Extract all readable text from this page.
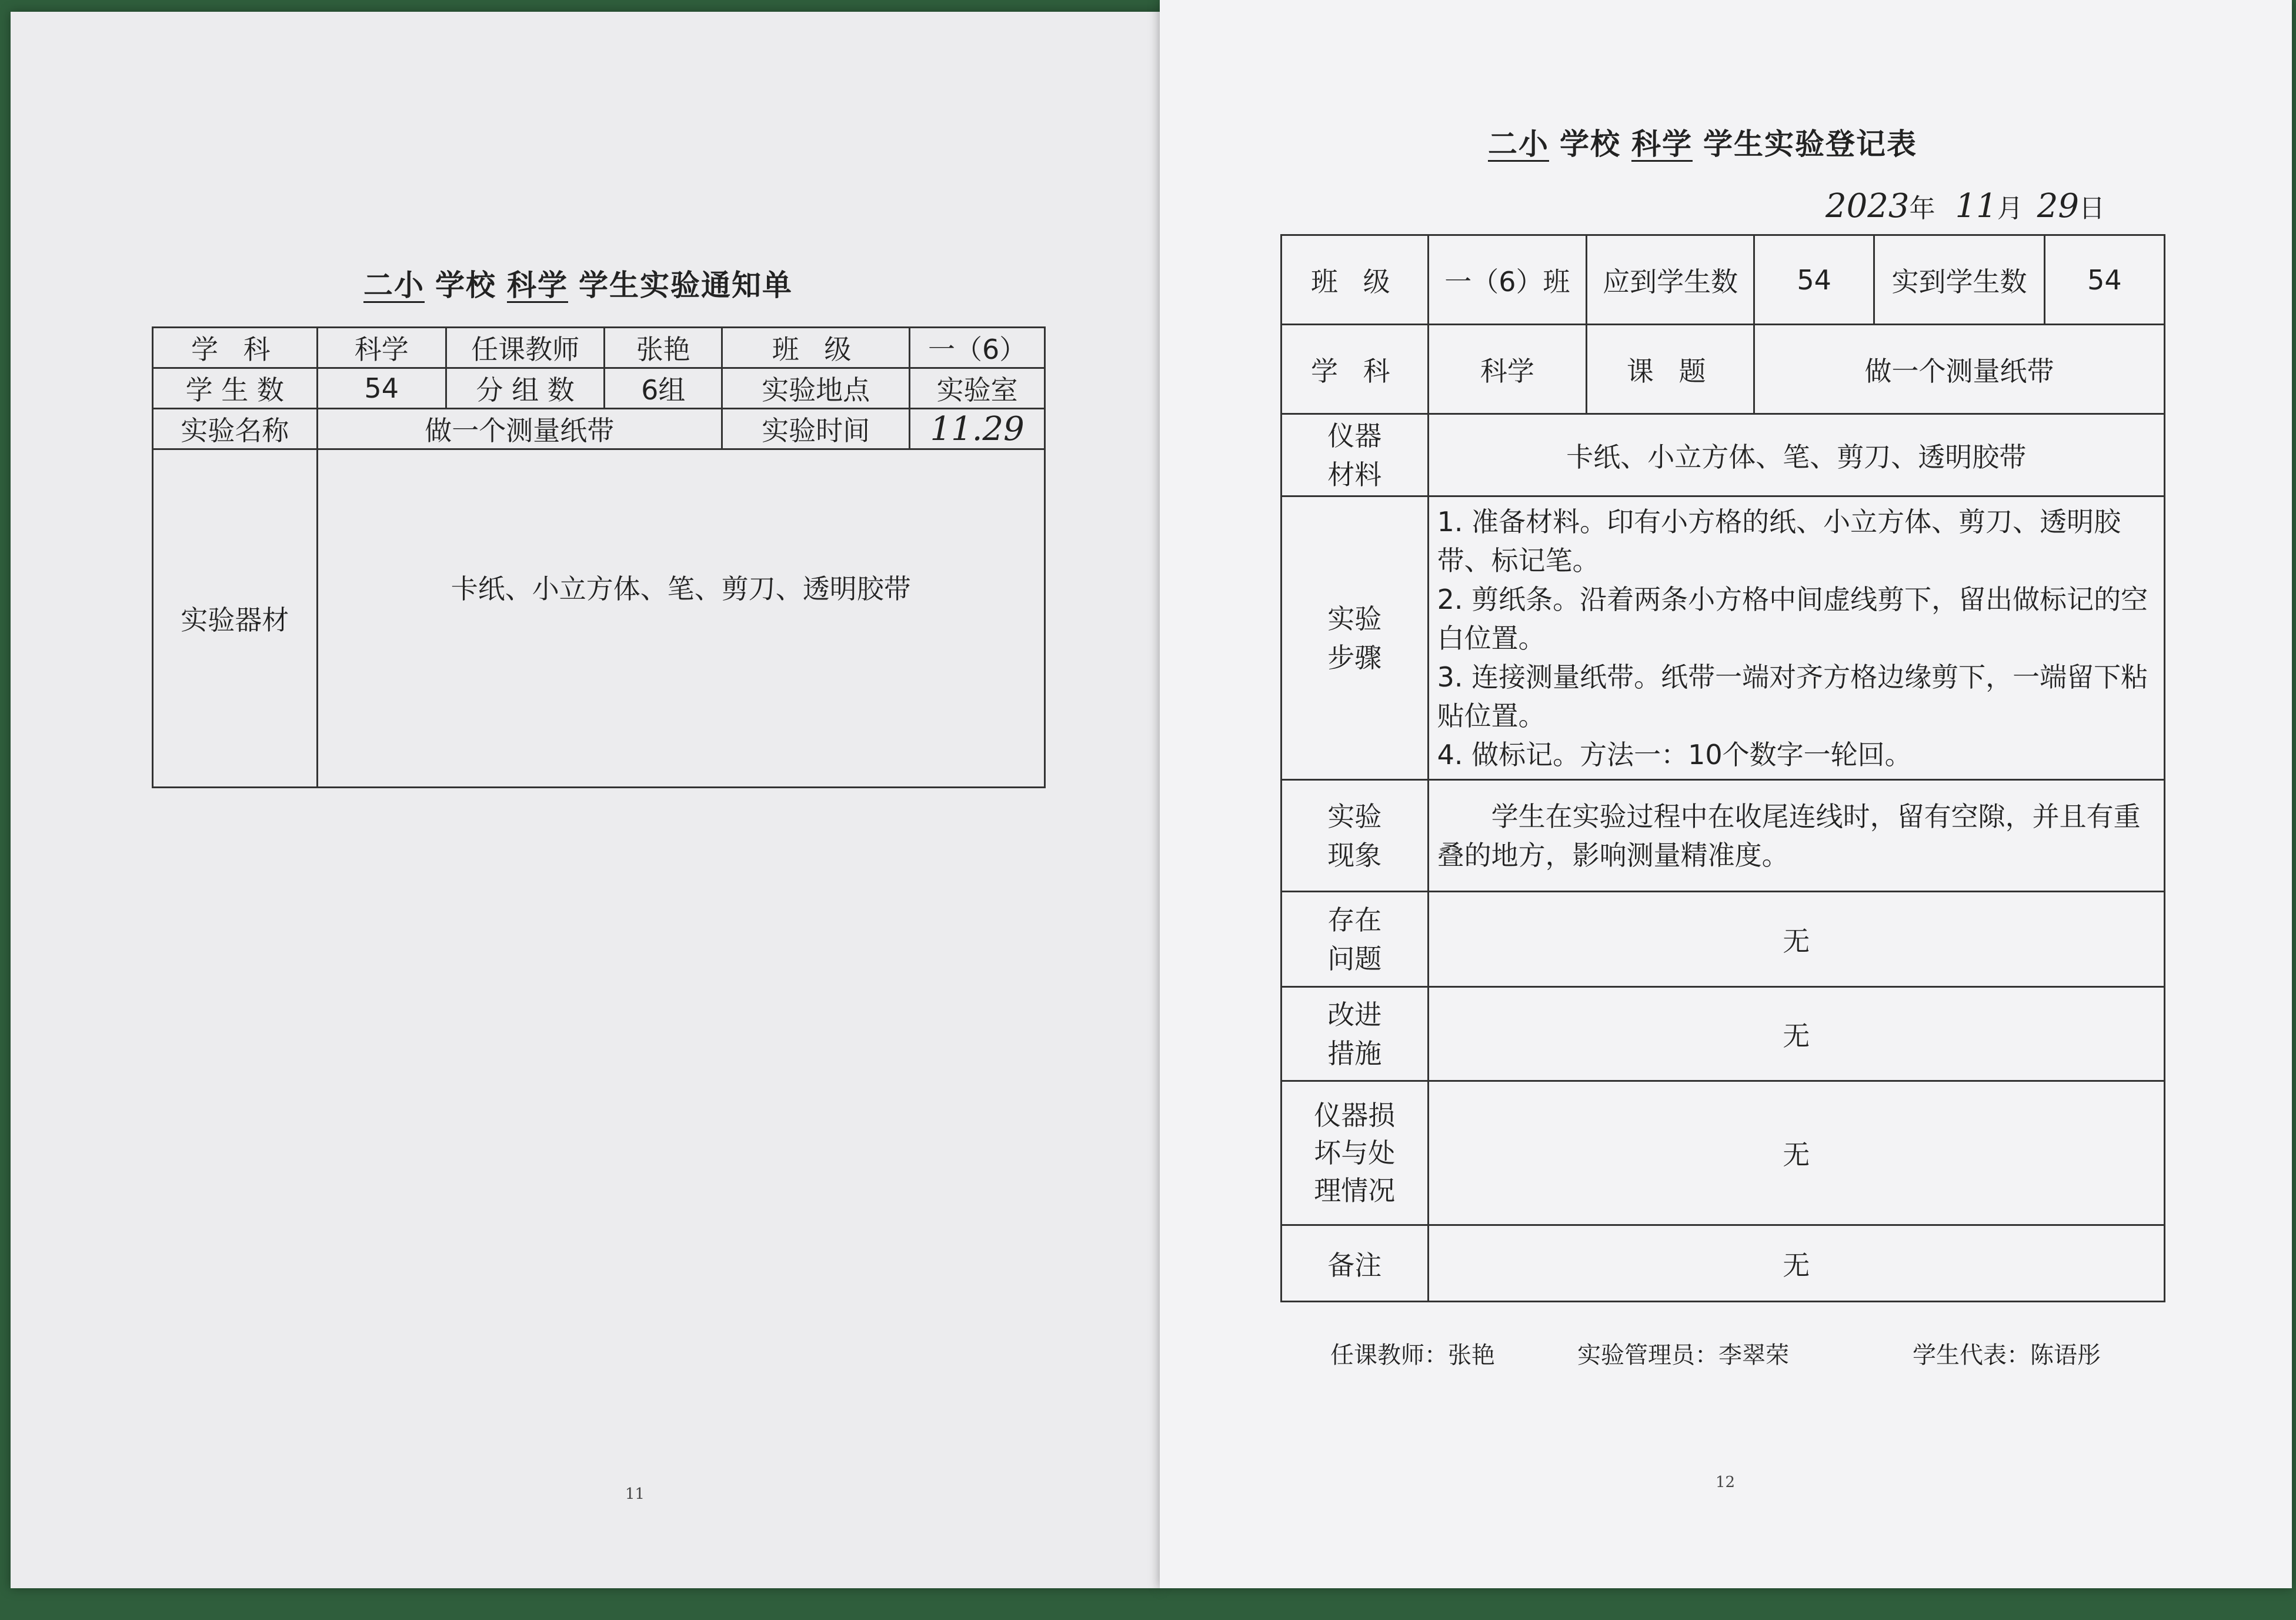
二小 学校 科学 学生实验通知单
学 科	科学	任课教师	张艳	班 级	一（6）
学 生 数	54	分 组 数	6组	实验地点	实验室
实验名称	做一个测量纸带			实验时间	11.29
实验器材	卡纸、小立方体、笔、剪刀、透明胶带				
11
二小 学校 科学 学生实验登记表
2023年 11月 29日
班 级	一（6）班	应到学生数	54	实到学生数	54
学 科	科学	课 题	做一个测量纸带		
仪器材料	卡纸、小立方体、笔、剪刀、透明胶带				
实验步骤	1. 准备材料。印有小方格的纸、小立方体、剪刀、透明胶带、标记笔。
2. 剪纸条。沿着两条小方格中间虚线剪下，留出做标记的空白位置。
3. 连接测量纸带。纸带一端对齐方格边缘剪下，一端留下粘贴位置。
4. 做标记。方法一：10个数字一轮回。				

实验现象	学生在实验过程中在收尾连线时，留有空隙，并且有重叠的地方，影响测量精准度。				
存在问题	无				
改进措施	无				
仪器损坏与处理情况	无				
备注	无				
任课教师：张艳	实验管理员：李翠荣	学生代表：陈语彤
12
